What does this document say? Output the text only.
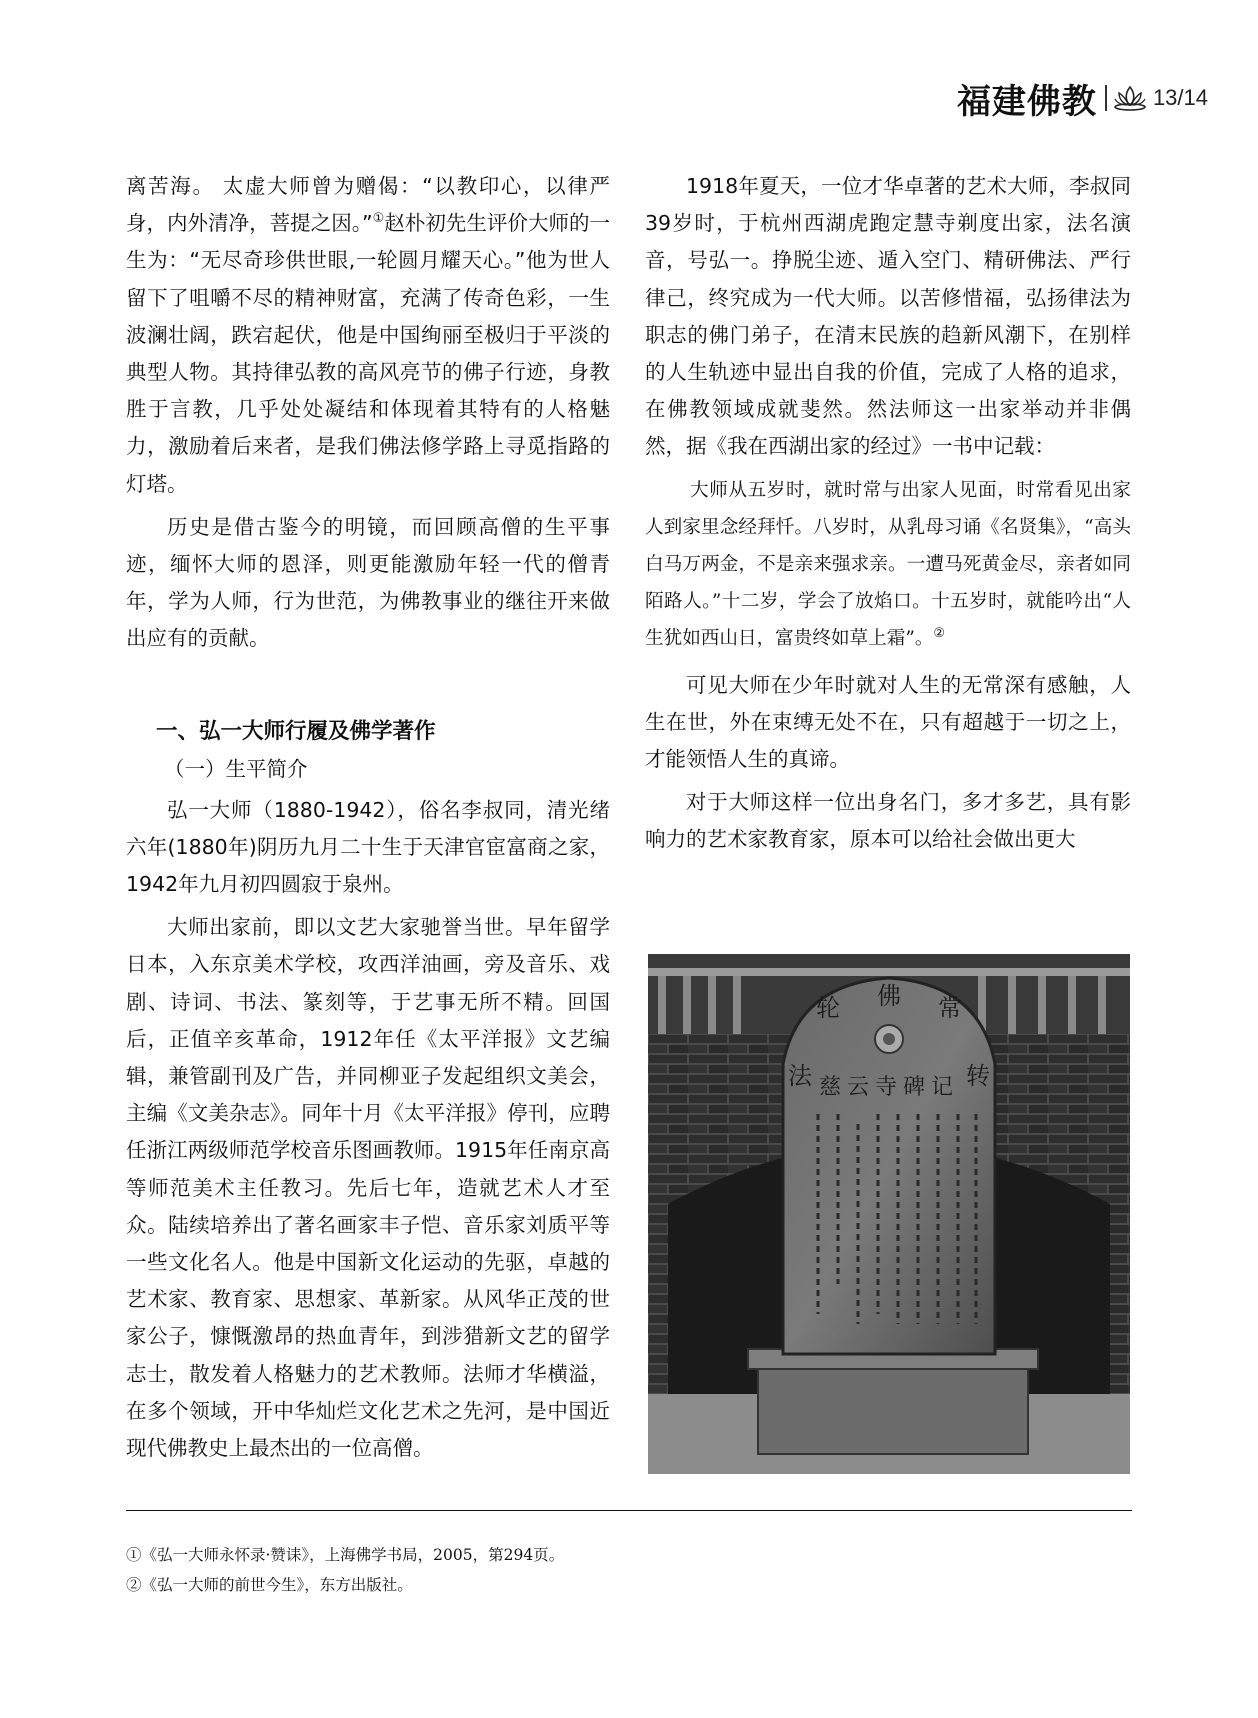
福建佛教	13/14

离苦海。 太虚大师曾为赠偈：“以教印心，以律严身，内外清净，菩提之因。”①赵朴初先生评价大师的一生为：“无尽奇珍供世眼,一轮圆月耀天心。”他为世人留下了咀嚼不尽的精神财富，充满了传奇色彩，一生波澜壮阔，跌宕起伏，他是中国绚丽至极归于平淡的典型人物。其持律弘教的高风亮节的佛子行迹，身教胜于言教，几乎处处凝结和体现着其特有的人格魅力，激励着后来者，是我们佛法修学路上寻觅指路的灯塔。

历史是借古鉴今的明镜，而回顾高僧的生平事迹，缅怀大师的恩泽，则更能激励年轻一代的僧青年，学为人师，行为世范，为佛教事业的继往开来做出应有的贡献。

一、弘一大师行履及佛学著作
（一）生平简介

弘一大师（1880-1942），俗名李叔同，清光绪六年(1880年)阴历九月二十生于天津官宦富商之家，1942年九月初四圆寂于泉州。

大师出家前，即以文艺大家驰誉当世。早年留学日本，入东京美术学校，攻西洋油画，旁及音乐、戏剧、诗词、书法、篆刻等，于艺事无所不精。回国后，正值辛亥革命，1912年任《太平洋报》文艺编辑，兼管副刊及广告，并同柳亚子发起组织文美会，主编《文美杂志》。同年十月《太平洋报》停刊，应聘任浙江两级师范学校音乐图画教师。1915年任南京高等师范美术主任教习。先后七年，造就艺术人才至众。陆续培养出了著名画家丰子恺、音乐家刘质平等一些文化名人。他是中国新文化运动的先驱，卓越的艺术家、教育家、思想家、革新家。从风华正茂的世家公子，慷慨激昂的热血青年，到涉猎新文艺的留学志士，散发着人格魅力的艺术教师。法师才华横溢，在多个领域，开中华灿烂文化艺术之先河，是中国近现代佛教史上最杰出的一位高僧。

1918年夏天，一位才华卓著的艺术大师，李叔同39岁时，于杭州西湖虎跑定慧寺剃度出家，法名演音，号弘一。挣脱尘迹、遁入空门、精研佛法、严行律己，终究成为一代大师。以苦修惜福，弘扬律法为职志的佛门弟子，在清末民族的趋新风潮下，在别样的人生轨迹中显出自我的价值，完成了人格的追求，在佛教领域成就斐然。然法师这一出家举动并非偶然，据《我在西湖出家的经过》一书中记载：

大师从五岁时，就时常与出家人见面，时常看见出家人到家里念经拜忏。八岁时，从乳母习诵《名贤集》，“高头白马万两金，不是亲来强求亲。一遭马死黄金尽，亲者如同陌路人。”十二岁，学会了放焰口。十五岁时，就能吟出“人生犹如西山日，富贵终如草上霜”。②

可见大师在少年时就对人生的无常深有感触，人生在世，外在束缚无处不在，只有超越于一切之上，才能领悟人生的真谛。

对于大师这样一位出身名门，多才多艺，具有影响力的艺术家教育家，原本可以给社会做出更大

法
轮 佛 常
转
慈云寺碑记
①《弘一大师永怀录·赞诔》，上海佛学书局，2005，第294页。
②《弘一大师的前世今生》，东方出版社。
